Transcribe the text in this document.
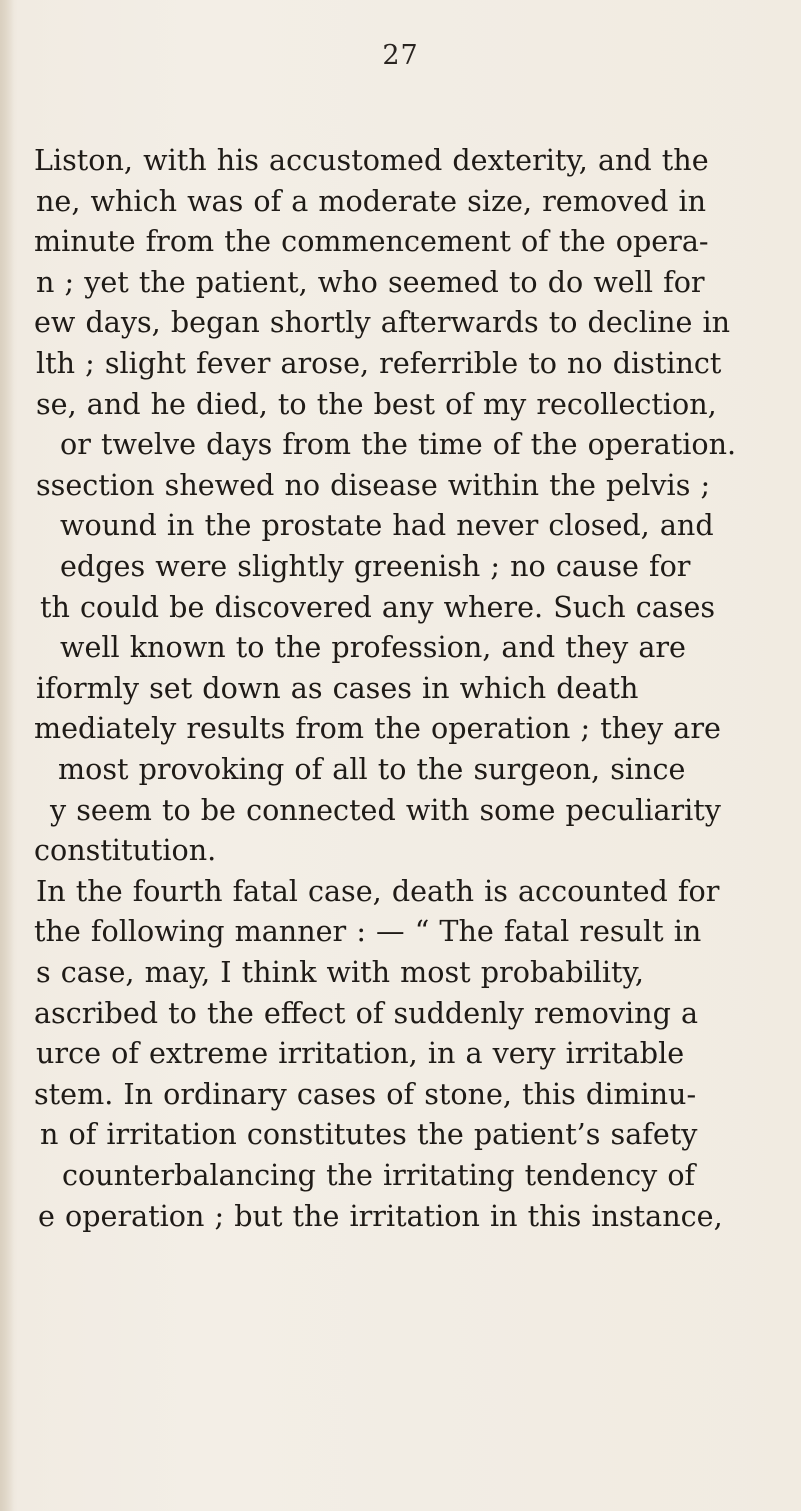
27
Liston, with his accustomed dexterity, and the
ne, which was of a moderate size, removed in
minute from the commencement of the opera-
n ; yet the patient, who seemed to do well for
ew days, began shortly afterwards to decline in
lth ; slight fever arose, referrible to no distinct
se, and he died, to the best of my recollection,
or twelve days from the time of the operation.
ssection shewed no disease within the pelvis ;
wound in the prostate had never closed, and
edges were slightly greenish ; no cause for
th could be discovered any where. Such cases
well known to the profession, and they are
iformly set down as cases in which death
mediately results from the operation ; they are
most provoking of all to the surgeon, since
y seem to be connected with some peculiarity
constitution.
In the fourth fatal case, death is accounted for
the following manner : — “ The fatal result in
s case, may, I think with most probability,
ascribed to the effect of suddenly removing a
urce of extreme irritation, in a very irritable
stem. In ordinary cases of stone, this diminu-
n of irritation constitutes the patient’s safety
counterbalancing the irritating tendency of
e operation ; but the irritation in this instance,
